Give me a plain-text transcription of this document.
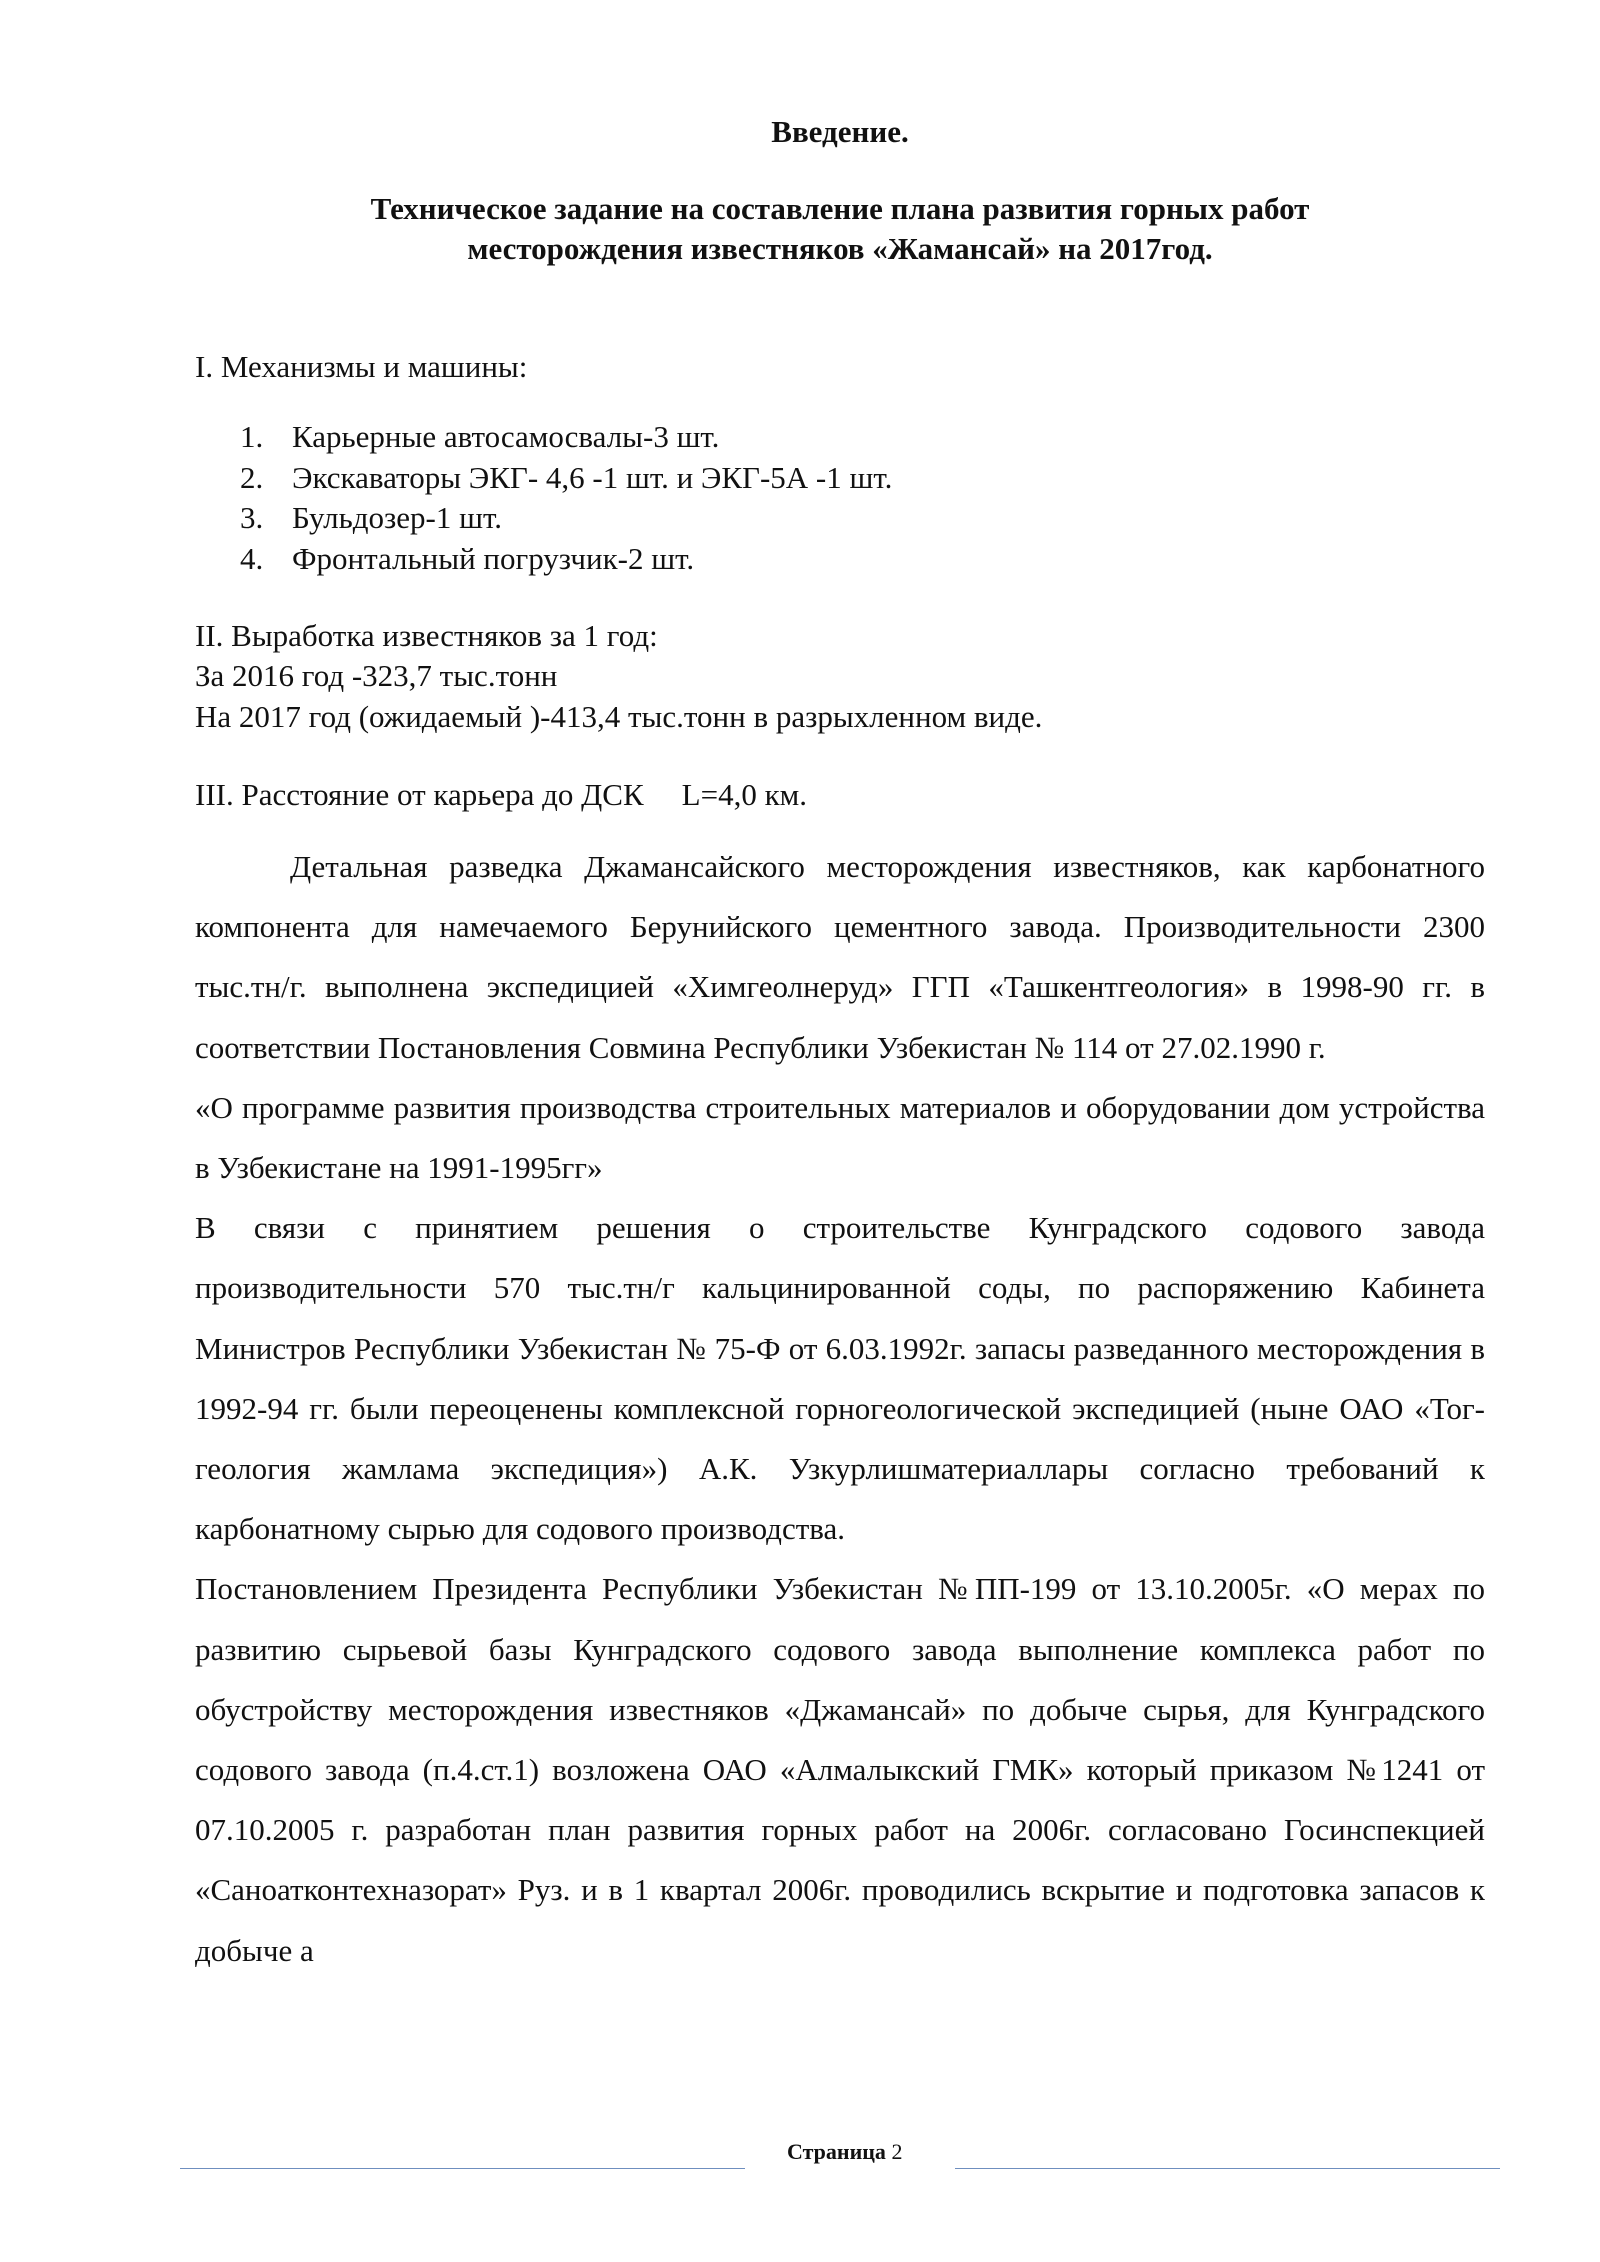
Введение.

Техническое задание на составление плана развития горных работ

месторождения известняков «Жамансай» на 2017год.

I. Механизмы и машины:

1. Карьерные автосамосвалы-3 шт.
2. Экскаваторы ЭКГ- 4,6 -1 шт. и ЭКГ-5А -1 шт.
3. Бульдозер-1 шт.
4. Фронтальный погрузчик-2 шт.

II. Выработка известняков за 1 год:

За 2016 год -323,7 тыс.тонн

На 2017 год (ожидаемый )-413,4 тыс.тонн в разрыхленном виде.

III. Расстояние от карьера до ДСК L=4,0 км.

Детальная разведка Джамансайского месторождения известняков, как карбонатного компонента для намечаемого Берунийского цементного завода. Производительности 2300 тыс.тн/г. выполнена экспедицией «Химгеолнеруд» ГГП «Ташкентгеология» в 1998-90 гг. в соответствии Постановления Совмина Республики Узбекистан № 114 от 27.02.1990 г.

«О программе развития производства строительных материалов и оборудовании дом устройства в Узбекистане на 1991-1995гг»

В связи с принятием решения о строительстве Кунградского содового завода производительности 570 тыс.тн/г кальцинированной соды, по распоряжению Кабинета Министров Республики Узбекистан № 75-Ф от 6.03.1992г. запасы разведанного месторождения в 1992-94 гг. были переоценены комплексной горногеологической экспедицией (ныне ОАО «Тог-геология жамлама экспедиция») А.К. Узкурлишматериаллары согласно требований к карбонатному сырью для содового производства.

Постановлением Президента Республики Узбекистан №ПП-199 от 13.10.2005г. «О мерах по развитию сырьевой базы Кунградского содового завода выполнение комплекса работ по обустройству месторождения известняков «Джамансай» по добыче сырья, для Кунградского содового завода (п.4.ст.1) возложена ОАО «Алмалыкский ГМК» который приказом №1241 от 07.10.2005 г. разработан план развития горных работ на 2006г. согласовано Госинспекцией «Саноатконтехназорат» Руз. и в 1 квартал 2006г. проводились вскрытие и подготовка запасов к добыче а

Страница 2
